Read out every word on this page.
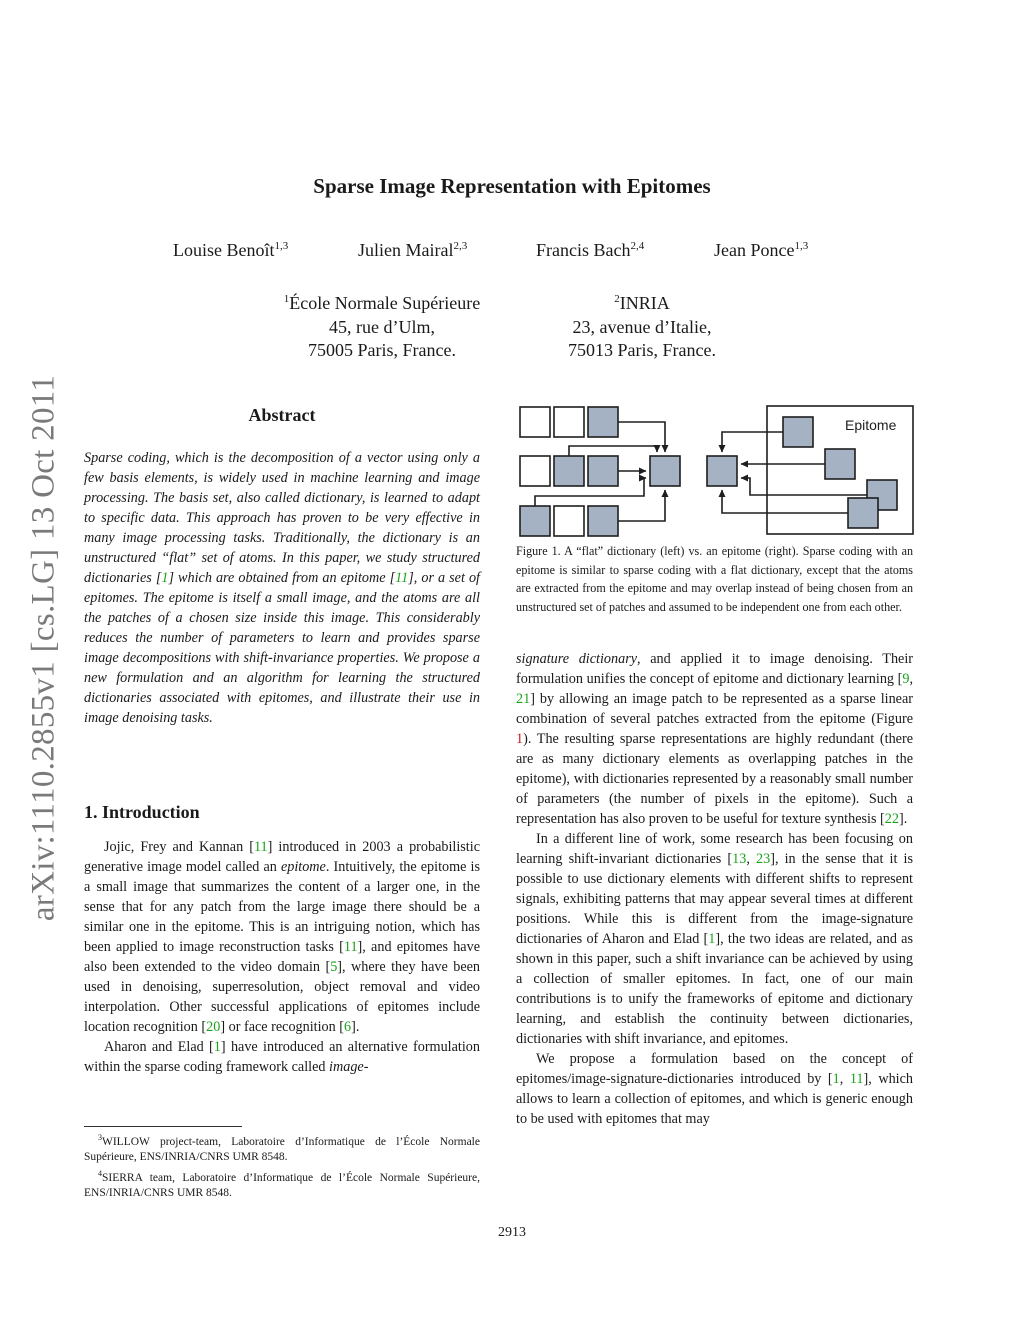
arXiv:1110.2855v1 [cs.LG] 13 Oct 2011
Sparse Image Representation with Epitomes
Louise Benoît$^{1,3}$	Julien Mairal$^{2,3}$	Francis Bach$^{2,4}$	Jean Ponce$^{1,3}$
$^1$École Normale Supérieure
45, rue d’Ulm,
75005 Paris, France.
$^2$INRIA
23, avenue d’Italie,
75013 Paris, France.
Abstract

Sparse coding, which is the decomposition of a vector using only a few basis elements, is widely used in machine learning and image processing. The basis set, also called dictionary, is learned to adapt to specific data. This approach has proven to be very effective in many image processing tasks. Traditionally, the dictionary is an unstructured “flat” set of atoms. In this paper, we study structured dictionaries [1] which are obtained from an epitome [11], or a set of epitomes. The epitome is itself a small image, and the atoms are all the patches of a chosen size inside this image. This considerably reduces the number of parameters to learn and provides sparse image decompositions with shift-invariance properties. We propose a new formulation and an algorithm for learning the structured dictionaries associated with epitomes, and illustrate their use in image denoising tasks.

1. Introduction

Jojic, Frey and Kannan [11] introduced in 2003 a probabilistic generative image model called an epitome. Intuitively, the epitome is a small image that summarizes the content of a larger one, in the sense that for any patch from the large image there should be a similar one in the epitome. This is an intriguing notion, which has been applied to image reconstruction tasks [11], and epitomes have also been extended to the video domain [5], where they have been used in denoising, superresolution, object removal and video interpolation. Other successful applications of epitomes include location recognition [20] or face recognition [6].

Aharon and Elad [1] have introduced an alternative formulation within the sparse coding framework called image-

$^3$WILLOW project-team, Laboratoire d’Informatique de l’École Normale Supérieure, ENS/INRIA/CNRS UMR 8548.

$^4$SIERRA team, Laboratoire d’Informatique de l’École Normale Supérieure, ENS/INRIA/CNRS UMR 8548.

Epitome
Figure 1. A “flat” dictionary (left) vs. an epitome (right). Sparse coding with an epitome is similar to sparse coding with a flat dictionary, except that the atoms are extracted from the epitome and may overlap instead of being chosen from an unstructured set of patches and assumed to be independent one from each other.

signature dictionary, and applied it to image denoising. Their formulation unifies the concept of epitome and dictionary learning [9, 21] by allowing an image patch to be represented as a sparse linear combination of several patches extracted from the epitome (Figure 1). The resulting sparse representations are highly redundant (there are as many dictionary elements as overlapping patches in the epitome), with dictionaries represented by a reasonably small number of parameters (the number of pixels in the epitome). Such a representation has also proven to be useful for texture synthesis [22].

In a different line of work, some research has been focusing on learning shift-invariant dictionaries [13, 23], in the sense that it is possible to use dictionary elements with different shifts to represent signals, exhibiting patterns that may appear several times at different positions. While this is different from the image-signature dictionaries of Aharon and Elad [1], the two ideas are related, and as shown in this paper, such a shift invariance can be achieved by using a collection of smaller epitomes. In fact, one of our main contributions is to unify the frameworks of epitome and dictionary learning, and establish the continuity between dictionaries, dictionaries with shift invariance, and epitomes.

We propose a formulation based on the concept of epitomes/image-signature-dictionaries introduced by [1, 11], which allows to learn a collection of epitomes, and which is generic enough to be used with epitomes that may

2913
